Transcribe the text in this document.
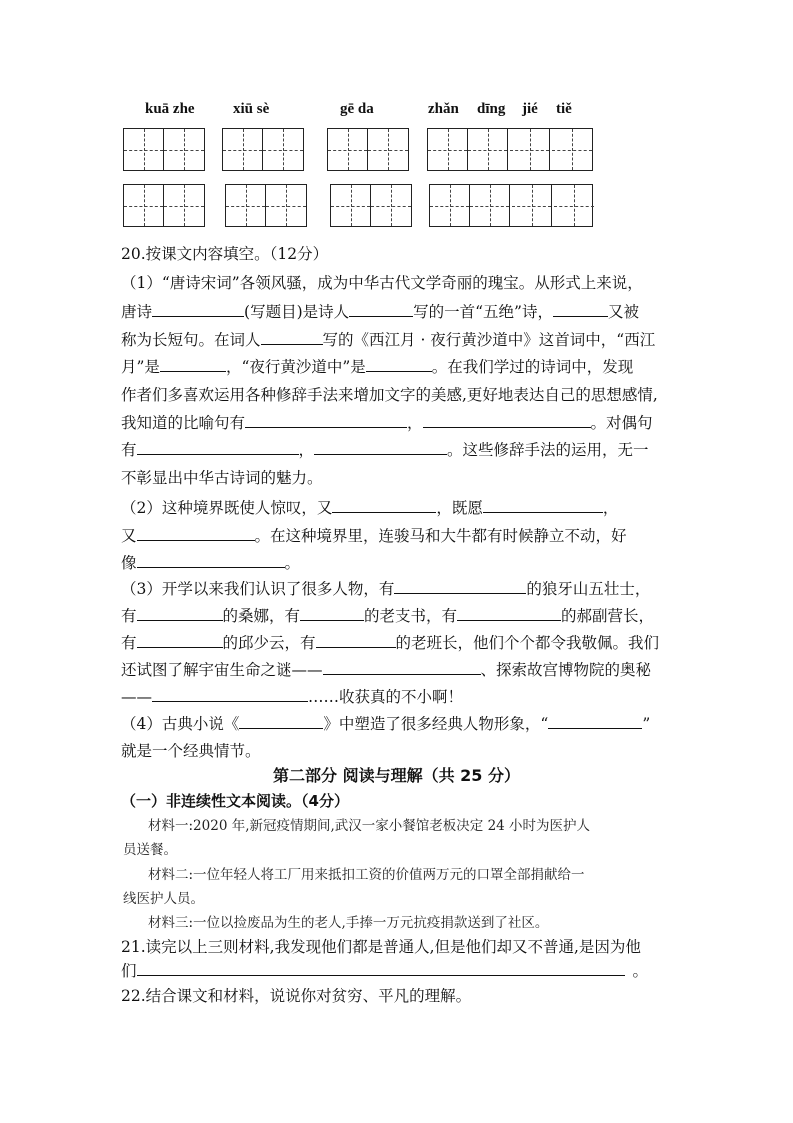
kuā zhe	xiū sè	gē da	zhǎn dīng jié tiě
20.按课文内容填空。（12分）
（1）“唐诗宋词”各领风骚，成为中华古代文学奇丽的瑰宝。从形式上来说，
唐诗	(写题目)是诗人	写的一首“五绝”诗，	又被
称为长短句。在词人	写的《西江月 · 夜行黄沙道中》这首词中，“西江
月”是	，“夜行黄沙道中”是	。在我们学过的诗词中，发现
作者们多喜欢运用各种修辞手法来增加文字的美感,更好地表达自己的思想感情,
我知道的比喻句有	，	。对偶句
有	，	。这些修辞手法的运用，无一
不彰显出中华古诗词的魅力。
（2）这种境界既使人惊叹，又	，既愿	，
又	。在这种境界里，连骏马和大牛都有时候静立不动，好
像	。
（3）开学以来我们认识了很多人物，有	的狼牙山五壮士，
有	的桑娜，有	的老支书，有	的郝副营长，
有	的邱少云，有	的老班长，他们个个都令我敬佩。我们
还试图了解宇宙生命之谜——	、探索故宫博物院的奥秘
——	……收获真的不小啊！
（4）古典小说《	》中塑造了很多经典人物形象，“	”
就是一个经典情节。
第二部分 阅读与理解（共 25 分）
（一）非连续性文本阅读。（4分）
材料一:2020 年,新冠疫情期间,武汉一家小餐馆老板决定 24 小时为医护人
员送餐。
材料二:一位年轻人将工厂用来抵扣工资的价值两万元的口罩全部捐献给一
线医护人员。
材料三:一位以捡废品为生的老人,手捧一万元抗疫捐款送到了社区。
21.读完以上三则材料,我发现他们都是普通人,但是他们却又不普通,是因为他
们	。
22.结合课文和材料，说说你对贫穷、平凡的理解。
